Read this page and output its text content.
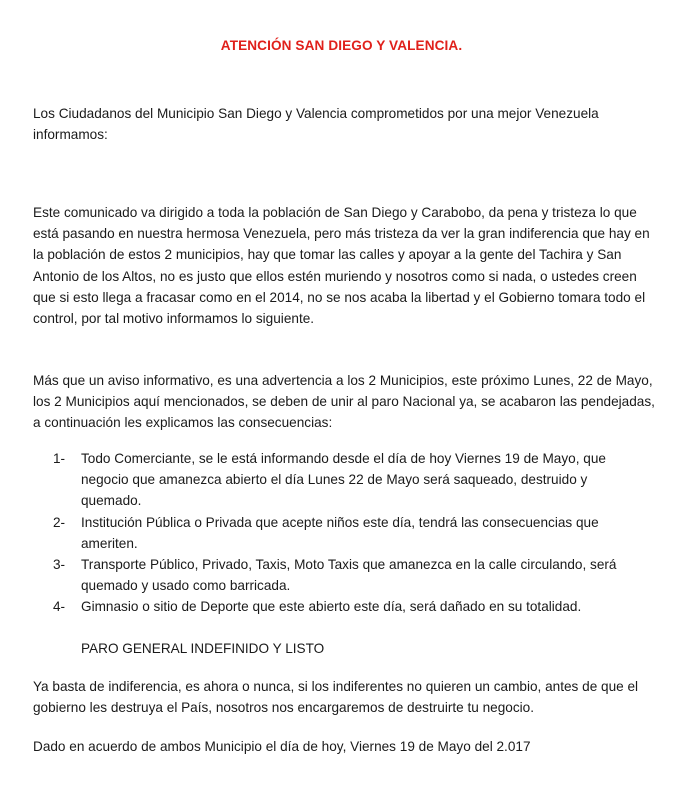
ATENCIÓN SAN DIEGO Y VALENCIA.

Los Ciudadanos del Municipio San Diego y Valencia comprometidos por una mejor Venezuela informamos:

Este comunicado va dirigido a toda la población de San Diego y Carabobo, da pena y tristeza lo que está pasando en nuestra hermosa Venezuela, pero más tristeza da ver la gran indiferencia que hay en la población de estos 2 municipios, hay que tomar las calles y apoyar a la gente del Tachira y San Antonio de los Altos, no es justo que ellos estén muriendo y nosotros como si nada, o ustedes creen que si esto llega a fracasar como en el 2014, no se nos acaba la libertad y el Gobierno tomara todo el control, por tal motivo informamos lo siguiente.

Más que un aviso informativo, es una advertencia a los 2 Municipios, este próximo Lunes, 22 de Mayo, los 2 Municipios aquí mencionados, se deben de unir al paro Nacional ya, se acabaron las pendejadas, a continuación les explicamos las consecuencias:

1- Todo Comerciante, se le está informando desde el día de hoy Viernes 19 de Mayo, que negocio que amanezca abierto el día Lunes 22 de Mayo será saqueado, destruido y quemado.
2- Institución Pública o Privada que acepte niños este día, tendrá las consecuencias que ameriten.
3- Transporte Público, Privado, Taxis, Moto Taxis que amanezca en la calle circulando, será quemado y usado como barricada.
4- Gimnasio o sitio de Deporte que este abierto este día, será dañado en su totalidad.
PARO GENERAL INDEFINIDO Y LISTO

Ya basta de indiferencia, es ahora o nunca, si los indiferentes no quieren un cambio, antes de que el gobierno les destruya el País, nosotros nos encargaremos de destruirte tu negocio.

Dado en acuerdo de ambos Municipio el día de hoy, Viernes 19 de Mayo del 2.017
